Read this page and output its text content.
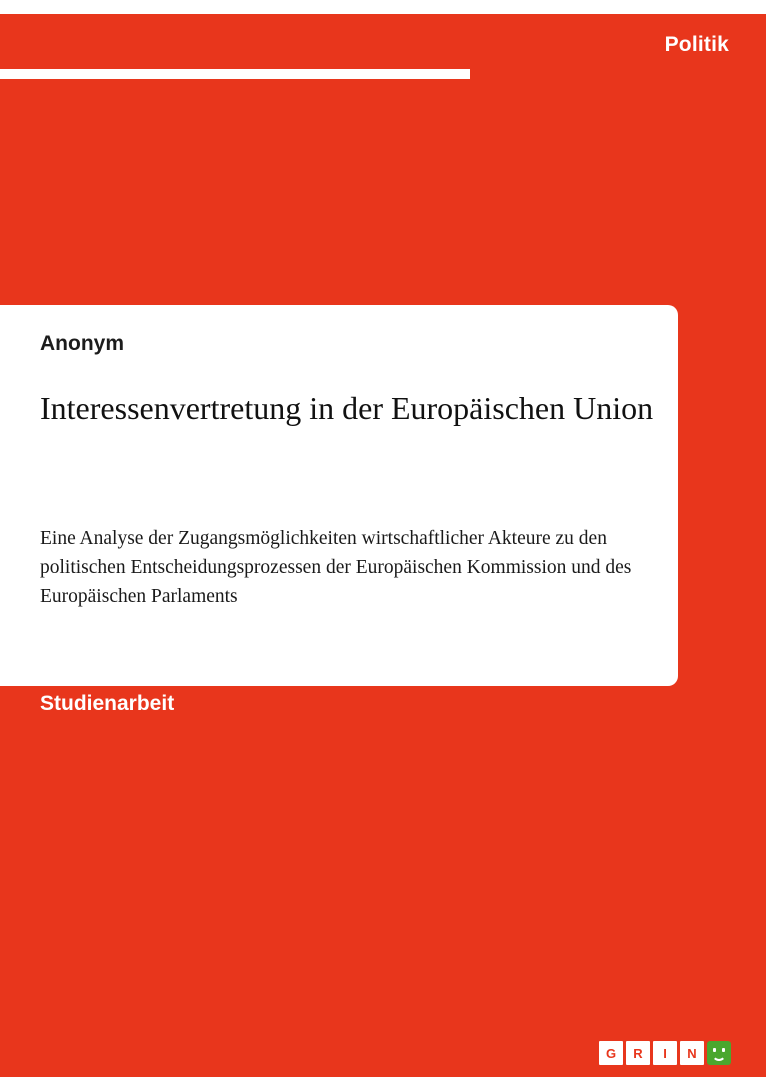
Politik
Anonym
Interessenvertretung in der Europäischen Union
Eine Analyse der Zugangsmöglichkeiten wirtschaftlicher Akteure zu den politischen Entscheidungsprozessen der Europäischen Kommission und des Europäischen Parlaments
Studienarbeit
G	R	I	N
